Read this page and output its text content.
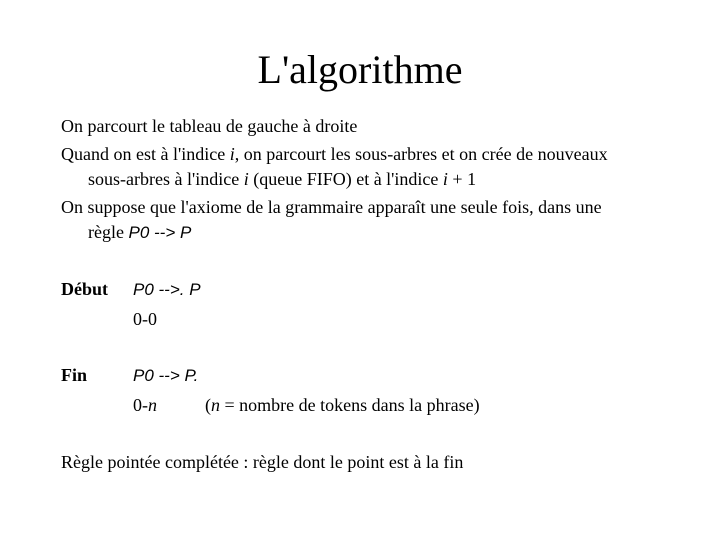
L'algorithme
On parcourt le tableau de gauche à droite
Quand on est à l'indice i, on parcourt les sous-arbres et on crée de nouveaux
sous-arbres à l'indice i (queue FIFO) et à l'indice i + 1
On suppose que l'axiome de la grammaire apparaît une seule fois, dans une
règle P0 --> P
Début P0 -->. P
0-0
Fin	P0 --> P.
0-n	(n = nombre de tokens dans la phrase)
Règle pointée complétée : règle dont le point est à la fin
